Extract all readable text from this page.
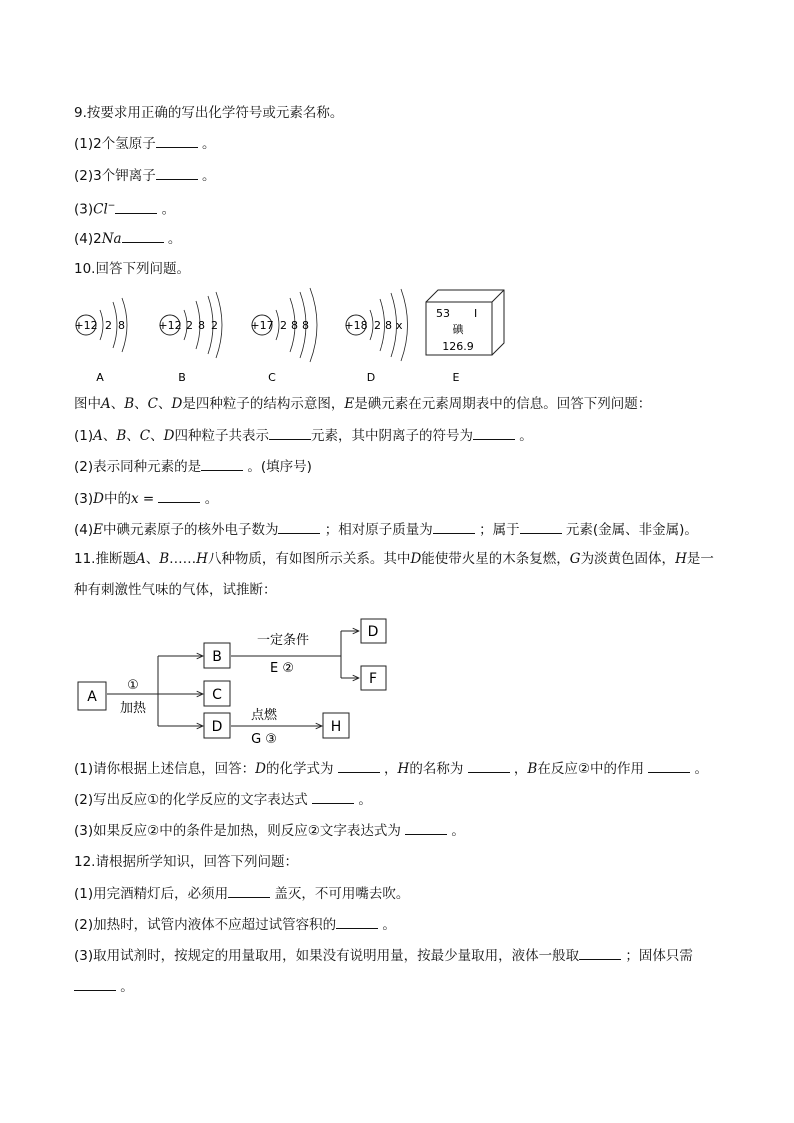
9.按要求用正确的写出化学符号或元素名称。
(1)2个氢原子	。
(2)3个钾离子	。
(3)Cl−	。
(4)2Na	。
10.回答下列问题。
+12 2 8
A
+12 2 8 2
B
+17 2 8 8
C
+18 2 8 x
D
53 I
碘
126.9
E
图中A、B、C、D是四种粒子的结构示意图，E是碘元素在元素周期表中的信息。回答下列问题：
(1)A、B、C、D四种粒子共表示	元素，其中阴离子的符号为	。
(2)表示同种元素的是	。(填序号)
(3)D中的x =	。
(4)E中碘元素原子的核外电子数为	；相对原子质量为	；属于	元素(金属、非金属)。
11.推断题A、B……H八种物质，有如图所示关系。其中D能使带火星的木条复燃，G为淡黄色固体，H是一
种有刺激性气味的气体，试推断：
A
B
C
D
D
F
H
①
加热
一定条件
E ②
点燃
G ③
(1)请你根据上述信息，回答：D的化学式为	，H的名称为	，B在反应②中的作用	。
(2)写出反应①的化学反应的文字表达式	。
(3)如果反应②中的条件是加热，则反应②文字表达式为	。
12.请根据所学知识，回答下列问题：
(1)用完酒精灯后，必须用	盖灭，不可用嘴去吹。
(2)加热时，试管内液体不应超过试管容积的	。
(3)取用试剂时，按规定的用量取用，如果没有说明用量，按最少量取用，液体一般取	；固体只需
。
